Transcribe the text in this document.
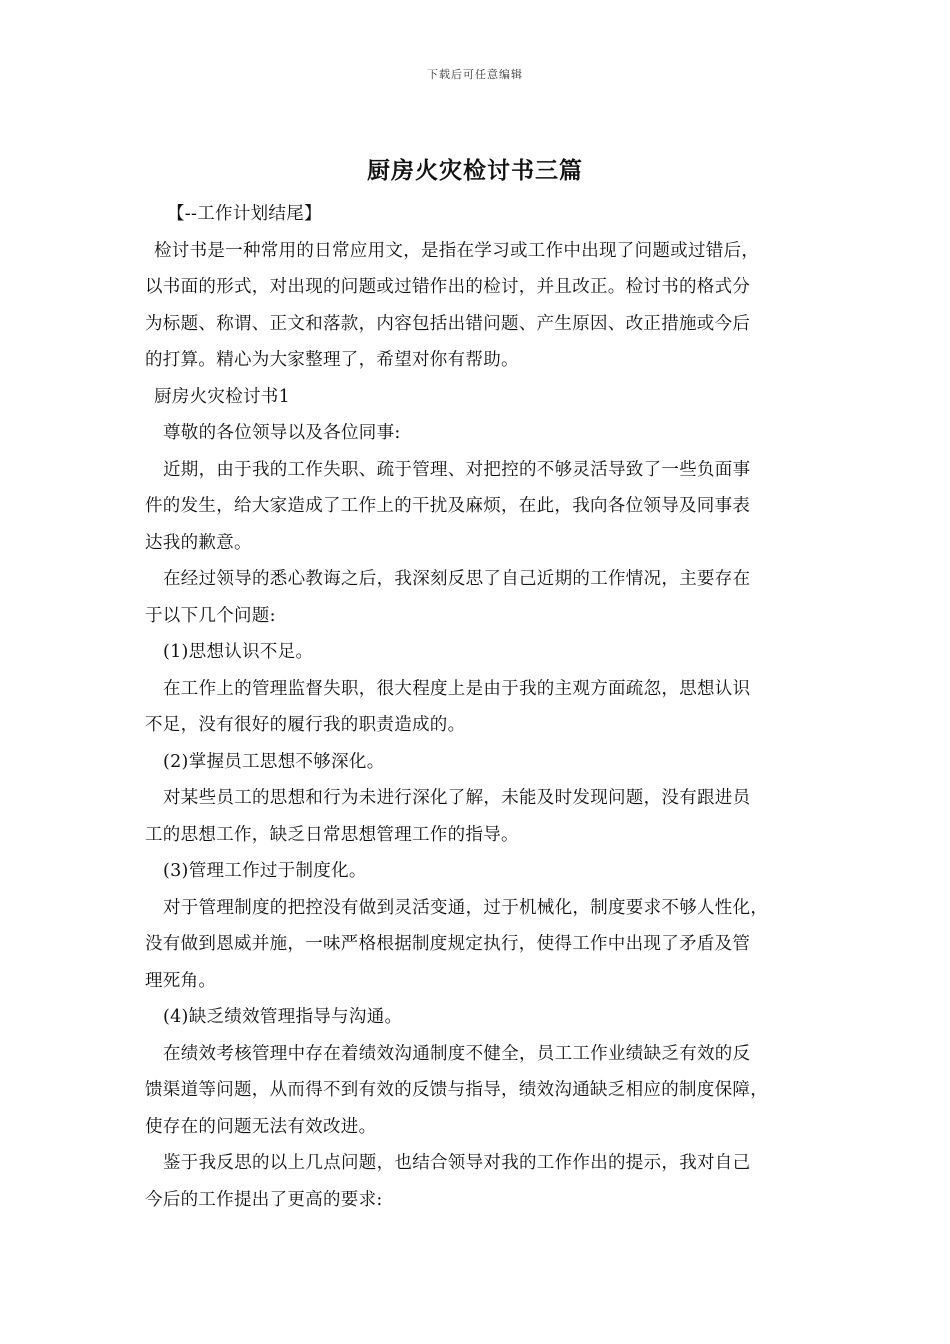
下载后可任意编辑
厨房火灾检讨书三篇
【--工作计划结尾】
检讨书是一种常用的日常应用文，是指在学习或工作中出现了问题或过错后，
以书面的形式，对出现的问题或过错作出的检讨，并且改正。检讨书的格式分
为标题、称谓、正文和落款，内容包括出错问题、产生原因、改正措施或今后
的打算。精心为大家整理了，希望对你有帮助。
厨房火灾检讨书1
尊敬的各位领导以及各位同事:
近期，由于我的工作失职、疏于管理、对把控的不够灵活导致了一些负面事
件的发生，给大家造成了工作上的干扰及麻烦，在此，我向各位领导及同事表
达我的歉意。
在经过领导的悉心教诲之后，我深刻反思了自己近期的工作情况，主要存在
于以下几个问题:
(1)思想认识不足。
在工作上的管理监督失职，很大程度上是由于我的主观方面疏忽，思想认识
不足，没有很好的履行我的职责造成的。
(2)掌握员工思想不够深化。
对某些员工的思想和行为未进行深化了解，未能及时发现问题，没有跟进员
工的思想工作，缺乏日常思想管理工作的指导。
(3)管理工作过于制度化。
对于管理制度的把控没有做到灵活变通，过于机械化，制度要求不够人性化，
没有做到恩威并施，一味严格根据制度规定执行，使得工作中出现了矛盾及管
理死角。
(4)缺乏绩效管理指导与沟通。
在绩效考核管理中存在着绩效沟通制度不健全，员工工作业绩缺乏有效的反
馈渠道等问题，从而得不到有效的反馈与指导，绩效沟通缺乏相应的制度保障，
使存在的问题无法有效改进。
鉴于我反思的以上几点问题，也结合领导对我的工作作出的提示，我对自己
今后的工作提出了更高的要求:
